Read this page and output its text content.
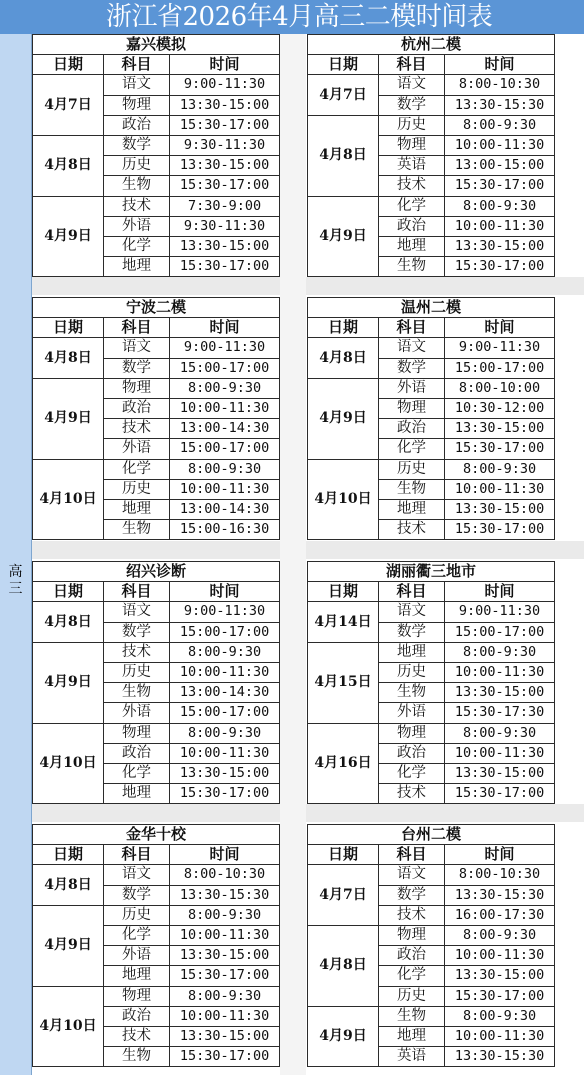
浙江省2026年4月高三二模时间表
高
三
嘉兴模拟		
日期	科目	时间
4月7日	语文	9:00-11:30
	物理	13:30-15:00
	政治	15:30-17:00
4月8日	数学	9:30-11:30
	历史	13:30-15:00
	生物	15:30-17:00
4月9日	技术	7:30-9:00
	外语	9:30-11:30
	化学	13:30-15:00
	地理	15:30-17:00
杭州二模		
日期	科目	时间
4月7日	语文	8:00-10:30
	数学	13:30-15:30
4月8日	历史	8:00-9:30
	物理	10:00-11:30
	英语	13:00-15:00
	技术	15:30-17:00
4月9日	化学	8:00-9:30
	政治	10:00-11:30
	地理	13:30-15:00
	生物	15:30-17:00
宁波二模		
日期	科目	时间
4月8日	语文	9:00-11:30
	数学	15:00-17:00
4月9日	物理	8:00-9:30
	政治	10:00-11:30
	技术	13:00-14:30
	外语	15:00-17:00
4月10日	化学	8:00-9:30
	历史	10:00-11:30
	地理	13:00-14:30
	生物	15:00-16:30
温州二模		
日期	科目	时间
4月8日	语文	9:00-11:30
	数学	15:00-17:00
4月9日	外语	8:00-10:00
	物理	10:30-12:00
	政治	13:30-15:00
	化学	15:30-17:00
4月10日	历史	8:00-9:30
	生物	10:00-11:30
	地理	13:30-15:00
	技术	15:30-17:00
绍兴诊断		
日期	科目	时间
4月8日	语文	9:00-11:30
	数学	15:00-17:00
4月9日	技术	8:00-9:30
	历史	10:00-11:30
	生物	13:00-14:30
	外语	15:00-17:00
4月10日	物理	8:00-9:30
	政治	10:00-11:30
	化学	13:30-15:00
	地理	15:30-17:00
湖丽衢三地市		
日期	科目	时间
4月14日	语文	9:00-11:30
	数学	15:00-17:00
4月15日	地理	8:00-9:30
	历史	10:00-11:30
	生物	13:30-15:00
	外语	15:30-17:30
4月16日	物理	8:00-9:30
	政治	10:00-11:30
	化学	13:30-15:00
	技术	15:30-17:00
金华十校		
日期	科目	时间
4月8日	语文	8:00-10:30
	数学	13:30-15:30
4月9日	历史	8:00-9:30
	化学	10:00-11:30
	外语	13:30-15:00
	地理	15:30-17:00
4月10日	物理	8:00-9:30
	政治	10:00-11:30
	技术	13:30-15:00
	生物	15:30-17:00
台州二模		
日期	科目	时间
4月7日	语文	8:00-10:30
	数学	13:30-15:30
	技术	16:00-17:30
4月8日	物理	8:00-9:30
	政治	10:00-11:30
	化学	13:30-15:00
	历史	15:30-17:00
4月9日	生物	8:00-9:30
	地理	10:00-11:30
	英语	13:30-15:30
